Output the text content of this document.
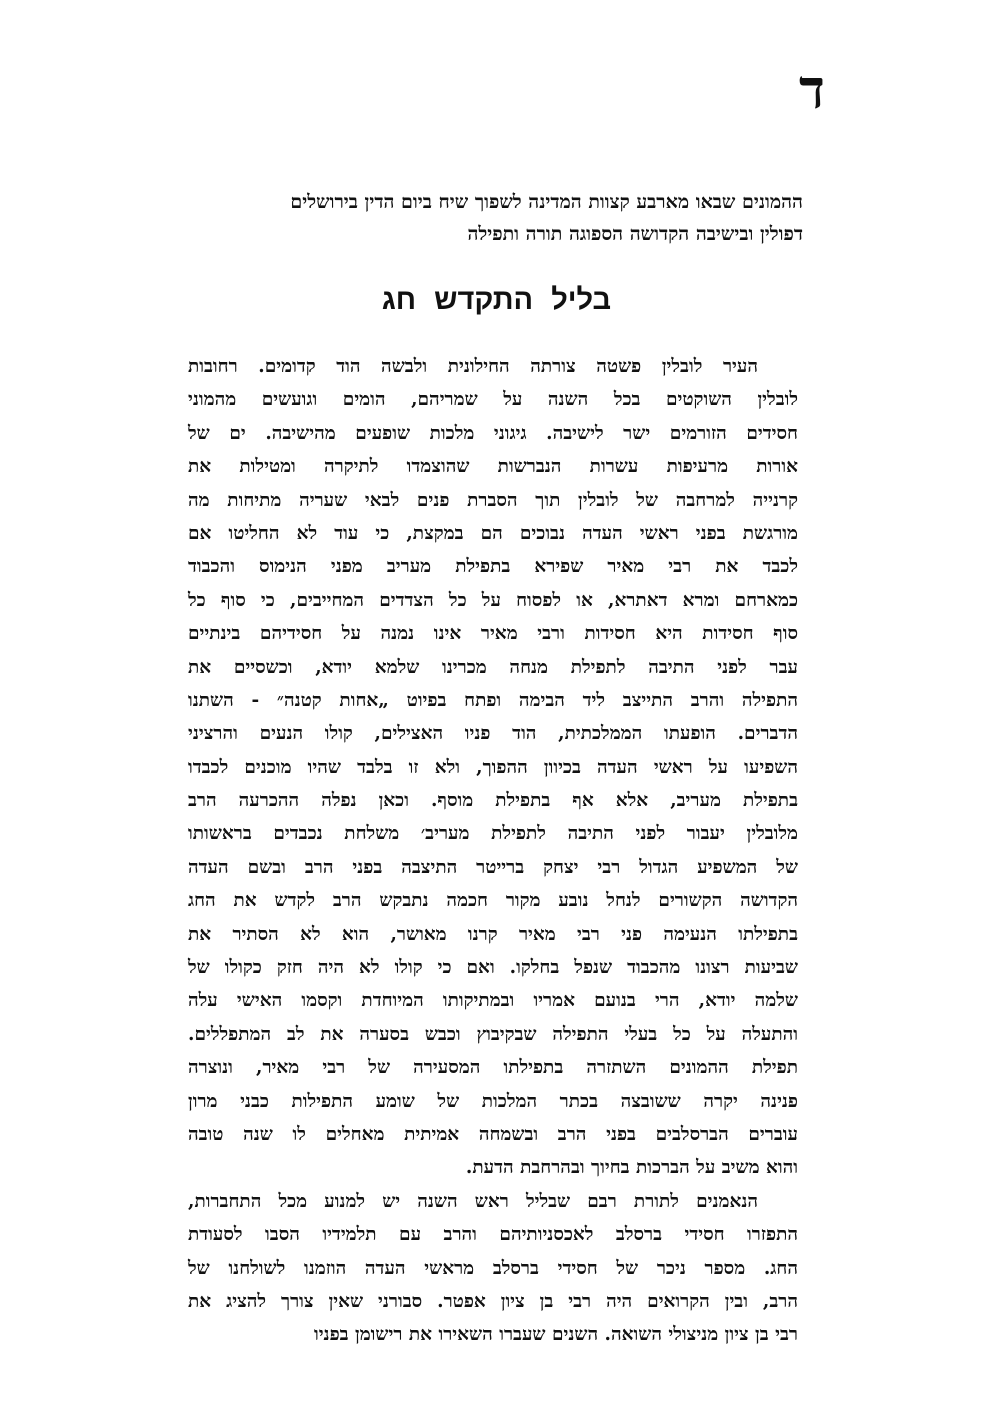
ד
ההמונים שבאו מארבע קצוות המדינה לשפוך שיח ביום הדין בירושלים
דפולין ובישיבה הקדושה הספוגה תורה ותפילה
בליל התקדש חג
העיר לובלין פשטה צורתה החילונית ולבשה הוד קדומים. רחובות
לובלין השוקטים בכל השנה על שמריהם, הומים וגועשים מהמוני
חסידים הזורמים ישר לישיבה. גיגוני מלכות שופעים מהישיבה. ים של
אורות מרעיפות עשרות הנברשות שהוצמדו לתיקרה ומטילות את
קרנייה למרחבה של לובלין תוך הסברת פנים לבאי שעריה מתיחות מה
מורגשת בפני ראשי העדה נבוכים הם במקצת, כי עוד לא החליטו אם
לכבד את רבי מאיר שפירא בתפילת מעריב מפני הנימוס והכבוד
כמארחם ומרא דאתרא, או לפסוח על כל הצדדים המחייבים, כי סוף כל
סוף חסידות היא חסידות ורבי מאיר אינו נמנה על חסידיהם בינתיים
עבר לפני התיבה לתפילת מנחה מכרינו שלמא יודא, וכשסיים את
התפילה והרב התייצב ליד הבימה ופתח בפיוט „אחות קטנה״ - השתנו
הדברים. הופעתו הממלכתית, הוד פניו האצילים, קולו הנעים והרציני
השפיעו על ראשי העדה בכיוון ההפוך, ולא זו בלבד שהיו מוכנים לכבדו
בתפילת מעריב, אלא אף בתפילת מוסף. וכאן נפלה ההכרעה הרב
מלובלין יעבור לפני התיבה לתפילת מעריב׳ משלחת נכבדים בראשותו
של המשפיע הגדול רבי יצחק ברייטר התיצבה בפני הרב ובשם העדה
הקדושה הקשורים לנחל נובע מקור חכמה נתבקש הרב לקדש את החג
בתפילתו הנעימה פני רבי מאיר קרנו מאושר, הוא לא הסתיר את
שביעות רצונו מהכבוד שנפל בחלקו. ואם כי קולו לא היה חזק כקולו של
שלמה יודא, הרי בנועם אמריו ובמתיקותו המיוחדת וקסמו האישי עלה
והתעלה על כל בעלי התפילה שבקיבוץ וכבש בסערה את לב המתפללים.
תפילת ההמונים השתזרה בתפילתו המסעירה של רבי מאיר, ונוצרה
פנינה יקרה ששובצה בכתר המלכות של שומע התפילות כבני מרון
עוברים הברסלבים בפני הרב ובשמחה אמיתית מאחלים לו שנה טובה
והוא משיב על הברכות בחיוך ובהרחבת הדעת.
הנאמנים לתורת רבם שבליל ראש השנה יש למנוע מכל התחברות,
התפזרו חסידי ברסלב לאכסניותיהם והרב עם תלמידיו הסבו לסעודת
החג. מספר ניכר של חסידי ברסלב מראשי העדה הוזמנו לשולחנו של
הרב, ובין הקרואים היה רבי בן ציון אפטר. סבורני שאין צורך להציג את
רבי בן ציון מניצולי השואה. השנים שעברו השאירו את רישומן בפניו
